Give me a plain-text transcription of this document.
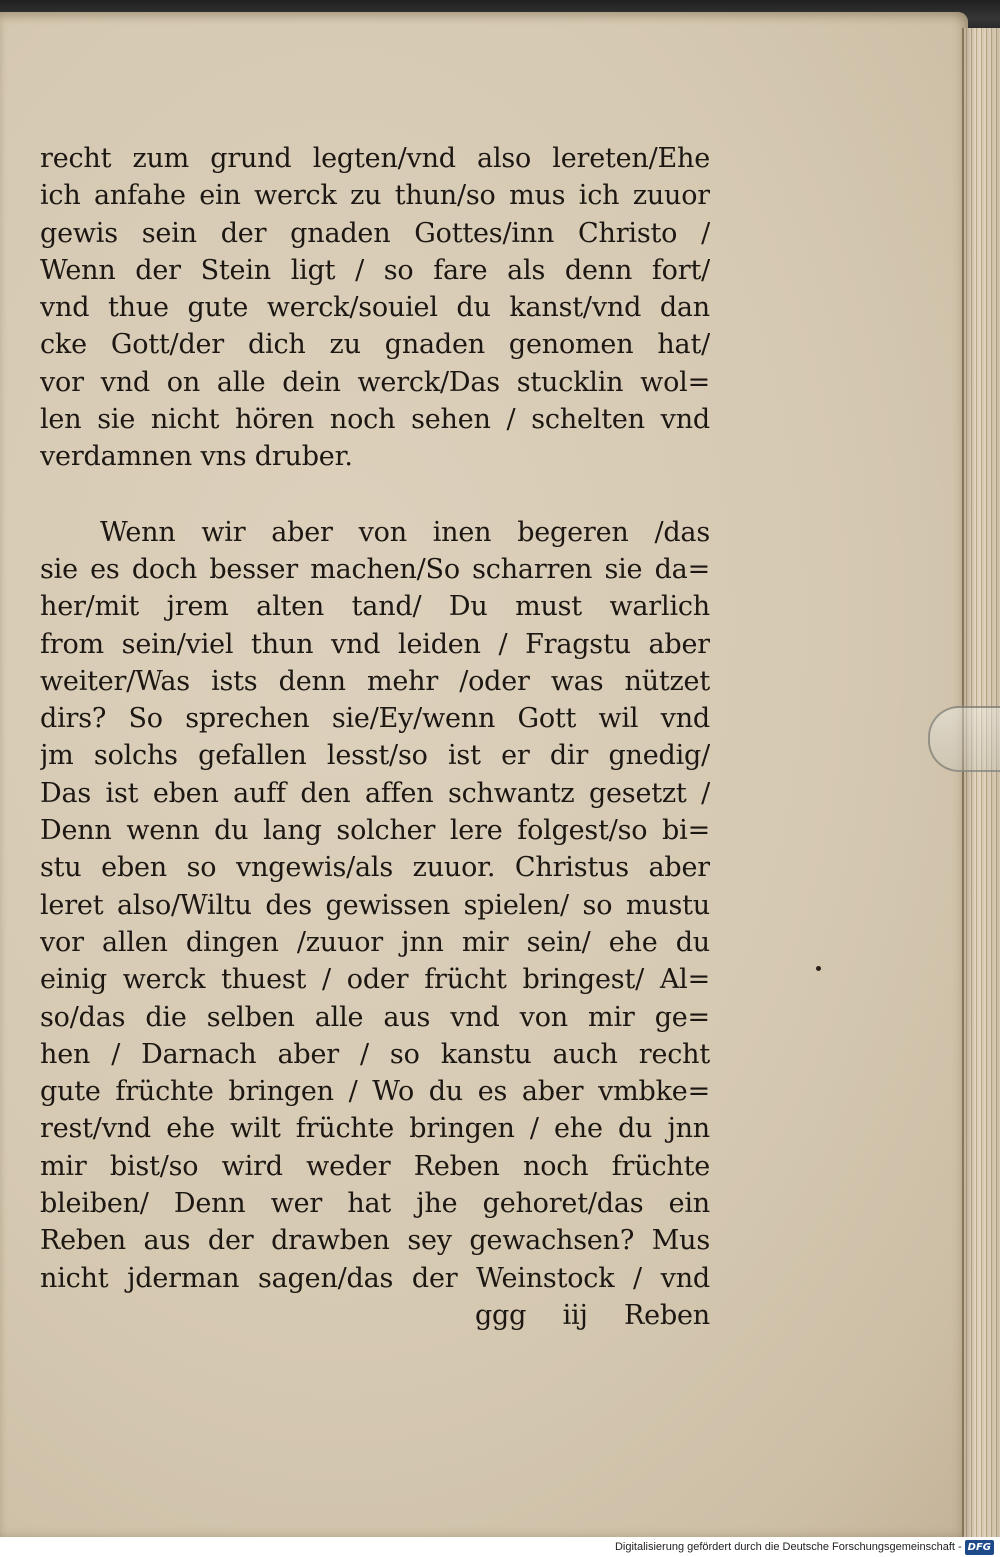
recht zum grund legten/vnd also lereten/Ehe
ich anfahe ein werck zu thun/so mus ich zuuor
gewis sein der gnaden Gottes/inn Christo /
Wenn der Stein ligt / so fare als denn fort/
vnd thue gute werck/souiel du kanst/vnd dan
cke Gott/der dich zu gnaden genomen hat/
vor vnd on alle dein werck/Das stucklin wol=
len sie nicht hören noch sehen / schelten vnd
verdamnen vns druber.
Wenn wir aber von inen begeren /das
sie es doch besser machen/So scharren sie da=
her/mit jrem alten tand/ Du must warlich
from sein/viel thun vnd leiden / Fragstu aber
weiter/Was ists denn mehr /oder was nützet
dirs? So sprechen sie/Ey/wenn Gott wil vnd
jm solchs gefallen lesst/so ist er dir gnedig/
Das ist eben auff den affen schwantz gesetzt /
Denn wenn du lang solcher lere folgest/so bi=
stu eben so vngewis/als zuuor. Christus aber
leret also/Wiltu des gewissen spielen/ so mustu
vor allen dingen /zuuor jnn mir sein/ ehe du
einig werck thuest / oder frücht bringest/ Al=
so/das die selben alle aus vnd von mir ge=
hen / Darnach aber / so kanstu auch recht
gute früchte bringen / Wo du es aber vmbke=
rest/vnd ehe wilt früchte bringen / ehe du jnn
mir bist/so wird weder Reben noch früchte
bleiben/ Denn wer hat jhe gehoret/das ein
Reben aus der drawben sey gewachsen? Mus
nicht jderman sagen/das der Weinstock / vnd
ggg iij Reben
Digitalisierung gefördert durch die Deutsche Forschungsgemeinschaft - DFG
